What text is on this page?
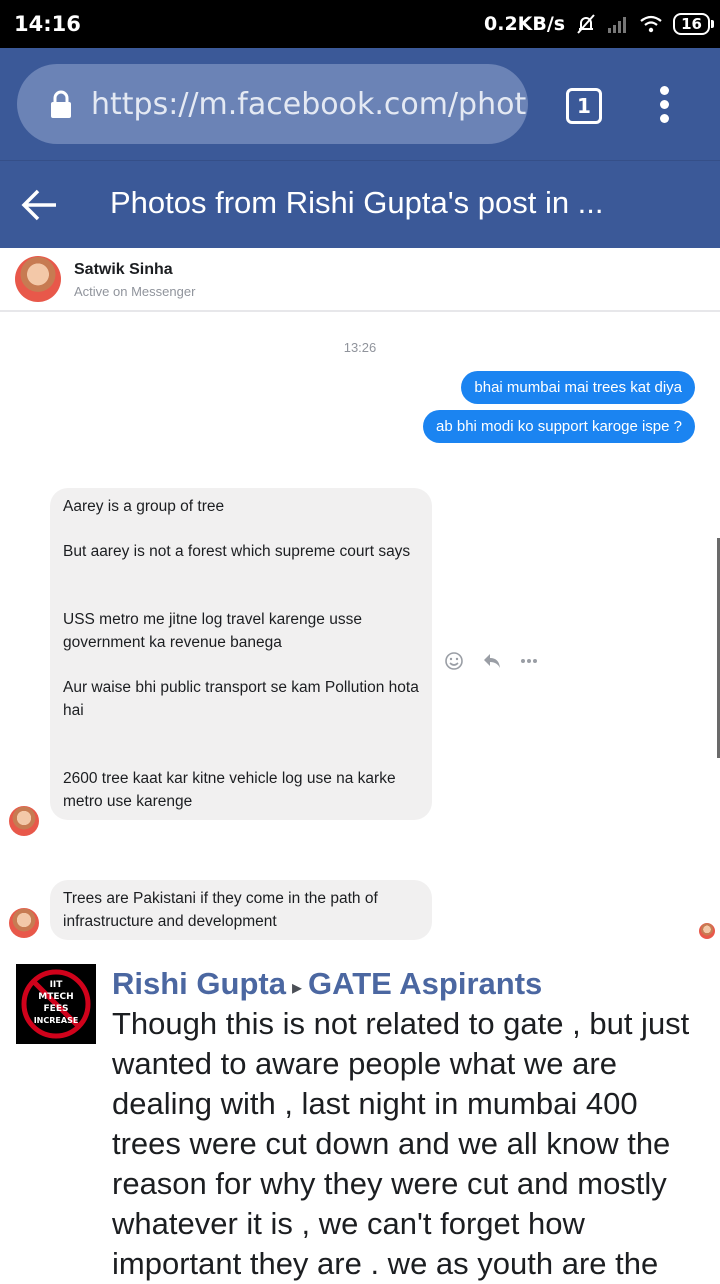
14:16	0.2KB/s	16
https://m.facebook.com/phot	1
Photos from Rishi Gupta's post in ...
Satwik Sinha
Active on Messenger
13:26
bhai mumbai mai trees kat diya
ab bhi modi ko support karoge ispe ?

Aarey is a group of tree

But aarey is not a forest which supreme court says

USS metro me jitne log travel karenge usse government ka revenue banega

Aur waise bhi public transport se kam Pollution hota hai

2600 tree kaat kar kitne vehicle log use na karke metro use karenge

Trees are Pakistani if they come in the path of infrastructure and development

IIT
MTECH
FEES
INCREASE
Rishi Gupta ▸ GATE Aspirants
Though this is not related to gate , but just wanted to aware people what we are dealing with , last night in mumbai 400 trees were cut down and we all know the reason for why they were cut and mostly whatever it is , we can't forget how important they are . we as youth are the
